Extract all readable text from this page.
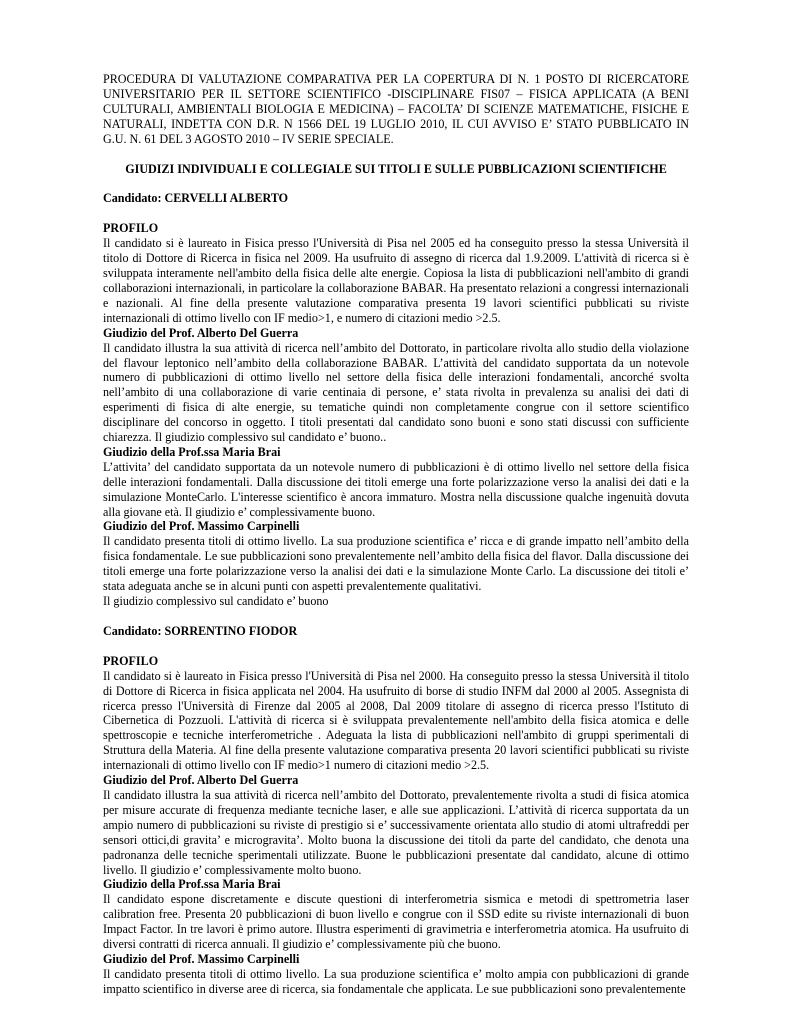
PROCEDURA DI VALUTAZIONE COMPARATIVA PER LA COPERTURA DI N. 1 POSTO DI RICERCATORE UNIVERSITARIO PER IL SETTORE SCIENTIFICO -DISCIPLINARE FIS07 – FISICA APPLICATA (A BENI CULTURALI, AMBIENTALI BIOLOGIA E MEDICINA) – FACOLTA’ DI SCIENZE MATEMATICHE, FISICHE E NATURALI, INDETTA CON D.R. N 1566 DEL 19 LUGLIO 2010, IL CUI AVVISO E’ STATO PUBBLICATO IN G.U. N. 61 DEL 3 AGOSTO 2010 – IV SERIE SPECIALE.

GIUDIZI INDIVIDUALI E COLLEGIALE SUI TITOLI E SULLE PUBBLICAZIONI SCIENTIFICHE

Candidato: CERVELLI ALBERTO

PROFILO

Il candidato si è laureato in Fisica presso l'Università di Pisa nel 2005 ed ha conseguito presso la stessa Università il titolo di Dottore di Ricerca in fisica nel 2009. Ha usufruito di assegno di ricerca dal 1.9.2009. L'attività di ricerca si è sviluppata interamente nell'ambito della fisica delle alte energie. Copiosa la lista di pubblicazioni nell'ambito di grandi collaborazioni internazionali, in particolare la collaborazione BABAR. Ha presentato relazioni a congressi internazionali e nazionali. Al fine della presente valutazione comparativa presenta 19 lavori scientifici pubblicati su riviste internazionali di ottimo livello con IF medio>1, e numero di citazioni medio >2.5.

Giudizio del Prof. Alberto Del Guerra

Il candidato illustra la sua attività di ricerca nell’ambito del Dottorato, in particolare rivolta allo studio della violazione del flavour leptonico nell’ambito della collaborazione BABAR. L’attività del candidato supportata da un notevole numero di pubblicazioni di ottimo livello nel settore della fisica delle interazioni fondamentali, ancorché svolta nell’ambito di una collaborazione di varie centinaia di persone, e’ stata rivolta in prevalenza su analisi dei dati di esperimenti di fisica di alte energie, su tematiche quindi non completamente congrue con il settore scientifico disciplinare del concorso in oggetto. I titoli presentati dal candidato sono buoni e sono stati discussi con sufficiente chiarezza. Il giudizio complessivo sul candidato e’ buono..

Giudizio della Prof.ssa Maria Brai

L’attivita’ del candidato supportata da un notevole numero di pubblicazioni è di ottimo livello nel settore della fisica delle interazioni fondamentali. Dalla discussione dei titoli emerge una forte polarizzazione verso la analisi dei dati e la simulazione MonteCarlo. L'interesse scientifico è ancora immaturo. Mostra nella discussione qualche ingenuità dovuta alla giovane età. Il giudizio e’ complessivamente buono.

Giudizio del Prof. Massimo Carpinelli

Il candidato presenta titoli di ottimo livello. La sua produzione scientifica e’ ricca e di grande impatto nell’ambito della fisica fondamentale. Le sue pubblicazioni sono prevalentemente nell’ambito della fisica del flavor. Dalla discussione dei titoli emerge una forte polarizzazione verso la analisi dei dati e la simulazione Monte Carlo. La discussione dei titoli e’ stata adeguata anche se in alcuni punti con aspetti prevalentemente qualitativi.

Il giudizio complessivo sul candidato e’ buono

Candidato: SORRENTINO FIODOR

PROFILO

Il candidato si è laureato in Fisica presso l'Università di Pisa nel 2000. Ha conseguito presso la stessa Università il titolo di Dottore di Ricerca in fisica applicata nel 2004. Ha usufruito di borse di studio INFM dal 2000 al 2005. Assegnista di ricerca presso l'Università di Firenze dal 2005 al 2008, Dal 2009 titolare di assegno di ricerca presso l'Istituto di Cibernetica di Pozzuoli. L'attività di ricerca si è sviluppata prevalentemente nell'ambito della fisica atomica e delle spettroscopie e tecniche interferometriche . Adeguata la lista di pubblicazioni nell'ambito di gruppi sperimentali di Struttura della Materia. Al fine della presente valutazione comparativa presenta 20 lavori scientifici pubblicati su riviste internazionali di ottimo livello con IF medio>1 numero di citazioni medio >2.5.

Giudizio del Prof. Alberto Del Guerra

Il candidato illustra la sua attività di ricerca nell’ambito del Dottorato, prevalentemente rivolta a studi di fisica atomica per misure accurate di frequenza mediante tecniche laser, e alle sue applicazioni. L’attività di ricerca supportata da un ampio numero di pubblicazioni su riviste di prestigio si e’ successivamente orientata allo studio di atomi ultrafreddi per sensori ottici,di gravita’ e microgravita’. Molto buona la discussione dei titoli da parte del candidato, che denota una padronanza delle tecniche sperimentali utilizzate. Buone le pubblicazioni presentate dal candidato, alcune di ottimo livello. Il giudizio e’ complessivamente molto buono.

Giudizio della Prof.ssa Maria Brai

Il candidato espone discretamente e discute questioni di interferometria sismica e metodi di spettrometria laser calibration free. Presenta 20 pubblicazioni di buon livello e congrue con il SSD edite su riviste internazionali di buon Impact Factor. In tre lavori è primo autore. Illustra esperimenti di gravimetria e interferometria atomica. Ha usufruito di diversi contratti di ricerca annuali. Il giudizio e’ complessivamente più che buono.

Giudizio del Prof. Massimo Carpinelli

Il candidato presenta titoli di ottimo livello. La sua produzione scientifica e’ molto ampia con pubblicazioni di grande impatto scientifico in diverse aree di ricerca, sia fondamentale che applicata. Le sue pubblicazioni sono prevalentemente
